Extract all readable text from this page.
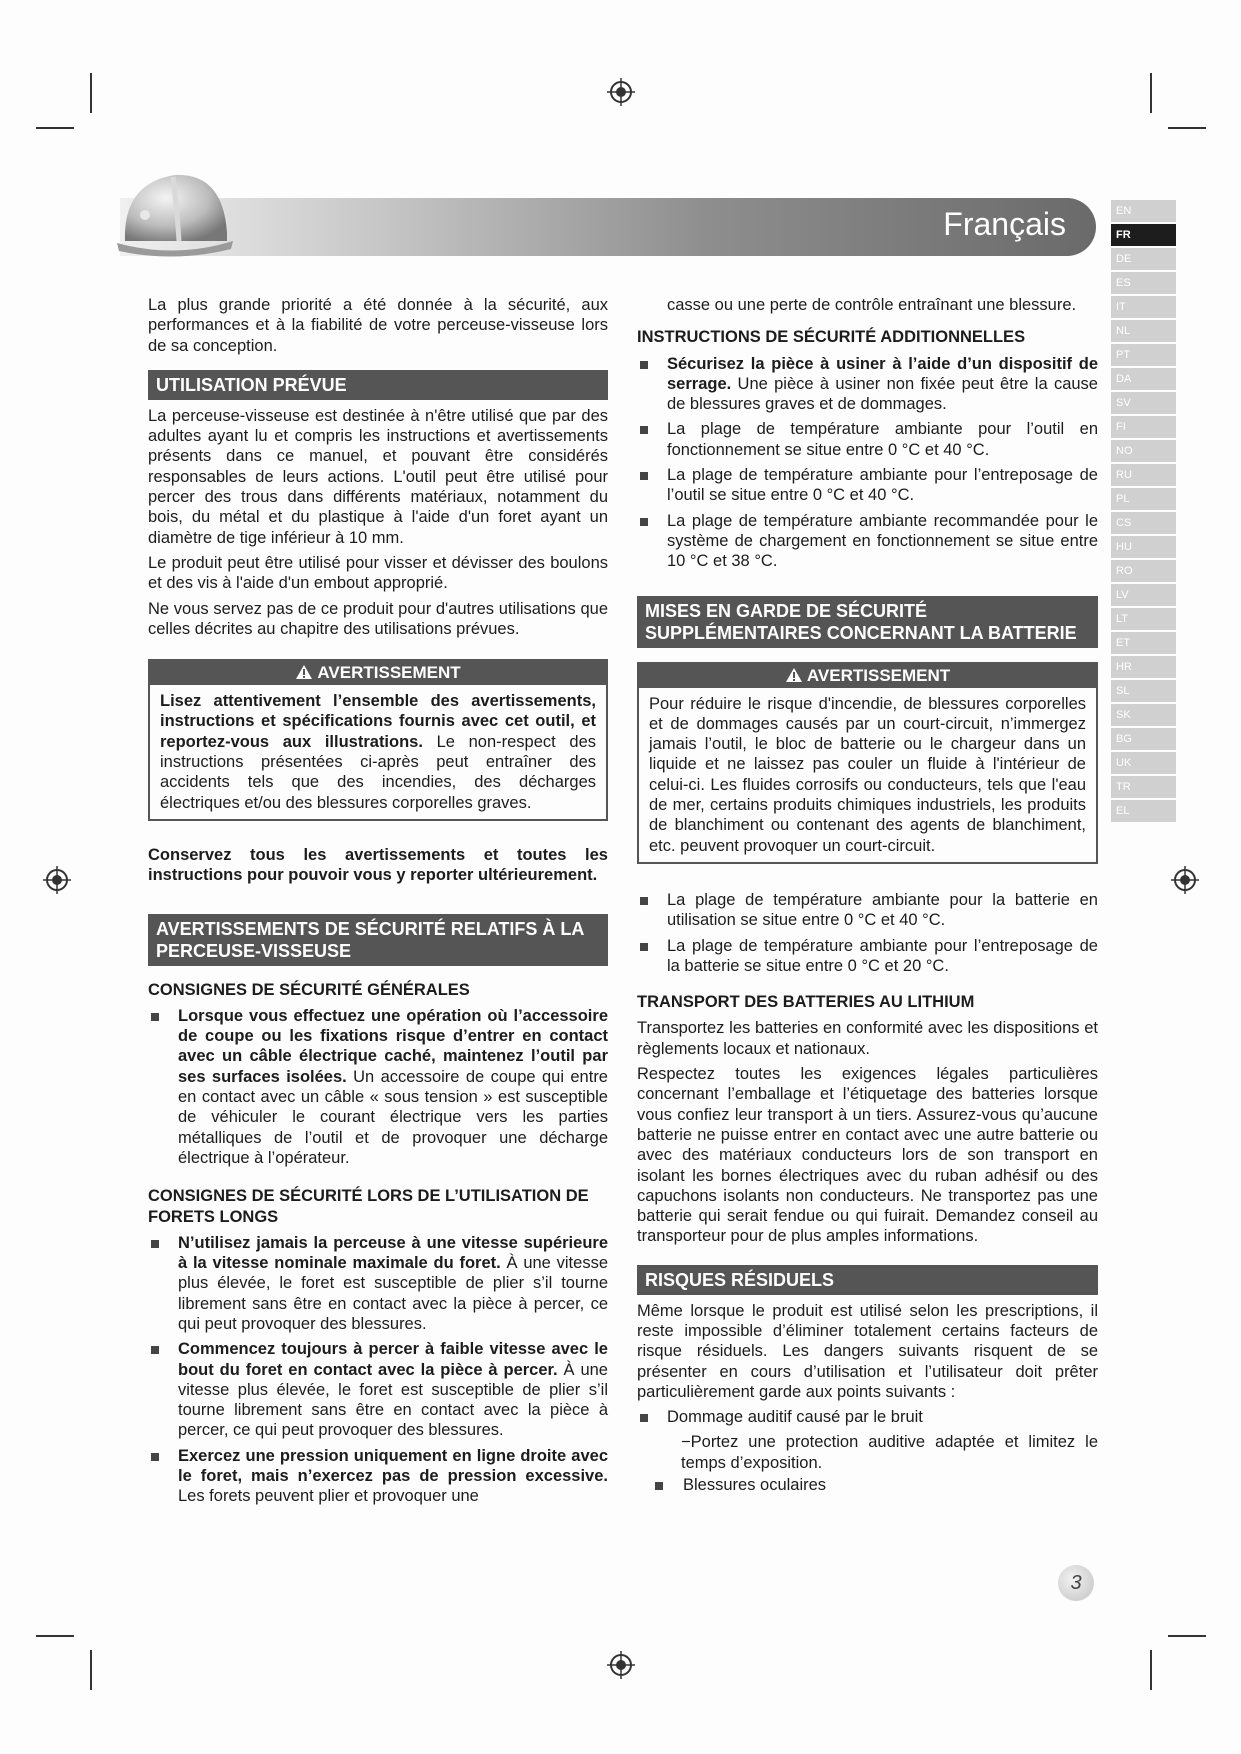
Français	EN
FR
DE
ES
IT
NL
PT
DA
SV
FI
NO
RU
PL
CS
HU
RO
LV
LT
ET
HR
SL
SK
BG
UK
TR
EL

La plus grande priorité a été donnée à la sécurité, aux performances et à la fiabilité de votre perceuse-visseuse lors de sa conception.

UTILISATION PRÉVUE

La perceuse-visseuse est destinée à n'être utilisé que par des adultes ayant lu et compris les instructions et avertissements présents dans ce manuel, et pouvant être considérés responsables de leurs actions. L'outil peut être utilisé pour percer des trous dans différents matériaux, notamment du bois, du métal et du plastique à l'aide d'un foret ayant un diamètre de tige inférieur à 10 mm.

Le produit peut être utilisé pour visser et dévisser des boulons et des vis à l'aide d'un embout approprié.

Ne vous servez pas de ce produit pour d'autres utilisations que celles décrites au chapitre des utilisations prévues.

AVERTISSEMENT
Lisez attentivement l’ensemble des avertissements, instructions et spécifications fournis avec cet outil, et reportez-vous aux illustrations. Le non-respect des instructions présentées ci-après peut entraîner des accidents tels que des incendies, des décharges électriques et/ou des blessures corporelles graves.

Conservez tous les avertissements et toutes les instructions pour pouvoir vous y reporter ultérieurement.

AVERTISSEMENTS DE SÉCURITÉ RELATIFS À LA PERCEUSE-VISSEUSE
CONSIGNES DE SÉCURITÉ GÉNÉRALES
Lorsque vous effectuez une opération où l’accessoire de coupe ou les fixations risque d’entrer en contact avec un câble électrique caché, maintenez l’outil par ses surfaces isolées. Un accessoire de coupe qui entre en contact avec un câble « sous tension » est susceptible de véhiculer le courant électrique vers les parties métalliques de l’outil et de provoquer une décharge électrique à l’opérateur.
CONSIGNES DE SÉCURITÉ LORS DE L’UTILISATION DE FORETS LONGS
N’utilisez jamais la perceuse à une vitesse supérieure à la vitesse nominale maximale du foret. À une vitesse plus élevée, le foret est susceptible de plier s’il tourne librement sans être en contact avec la pièce à percer, ce qui peut provoquer des blessures.
Commencez toujours à percer à faible vitesse avec le bout du foret en contact avec la pièce à percer. À une vitesse plus élevée, le foret est susceptible de plier s’il tourne librement sans être en contact avec la pièce à percer, ce qui peut provoquer des blessures.
Exercez une pression uniquement en ligne droite avec le foret, mais n’exercez pas de pression excessive. Les forets peuvent plier et provoquer une

casse ou une perte de contrôle entraînant une blessure.

INSTRUCTIONS DE SÉCURITÉ ADDITIONNELLES
Sécurisez la pièce à usiner à l’aide d’un dispositif de serrage. Une pièce à usiner non fixée peut être la cause de blessures graves et de dommages.
La plage de température ambiante pour l’outil en fonctionnement se situe entre 0 °C et 40 °C.
La plage de température ambiante pour l’entreposage de l’outil se situe entre 0 °C et 40 °C.
La plage de température ambiante recommandée pour le système de chargement en fonctionnement se situe entre 10 °C et 38 °C.
MISES EN GARDE DE SÉCURITÉ SUPPLÉMENTAIRES CONCERNANT LA BATTERIE
AVERTISSEMENT
Pour réduire le risque d'incendie, de blessures corporelles et de dommages causés par un court-circuit, n’immergez jamais l’outil, le bloc de batterie ou le chargeur dans un liquide et ne laissez pas couler un fluide à l'intérieur de celui-ci. Les fluides corrosifs ou conducteurs, tels que l'eau de mer, certains produits chimiques industriels, les produits de blanchiment ou contenant des agents de blanchiment, etc. peuvent provoquer un court-circuit.
La plage de température ambiante pour la batterie en utilisation se situe entre 0 °C et 40 °C.
La plage de température ambiante pour l’entreposage de la batterie se situe entre 0 °C et 20 °C.
TRANSPORT DES BATTERIES AU LITHIUM

Transportez les batteries en conformité avec les dispositions et règlements locaux et nationaux.

Respectez toutes les exigences légales particulières concernant l’emballage et l’étiquetage des batteries lorsque vous confiez leur transport à un tiers. Assurez-vous qu’aucune batterie ne puisse entrer en contact avec une autre batterie ou avec des matériaux conducteurs lors de son transport en isolant les bornes électriques avec du ruban adhésif ou des capuchons isolants non conducteurs. Ne transportez pas une batterie qui serait fendue ou qui fuirait. Demandez conseil au transporteur pour de plus amples informations.

RISQUES RÉSIDUELS

Même lorsque le produit est utilisé selon les prescriptions, il reste impossible d’éliminer totalement certains facteurs de risque résiduels. Les dangers suivants risquent de se présenter en cours d’utilisation et l’utilisateur doit prêter particulièrement garde aux points suivants :

Dommage auditif causé par le bruit

−Portez une protection auditive adaptée et limitez le temps d’exposition.

Blessures oculaires
3
